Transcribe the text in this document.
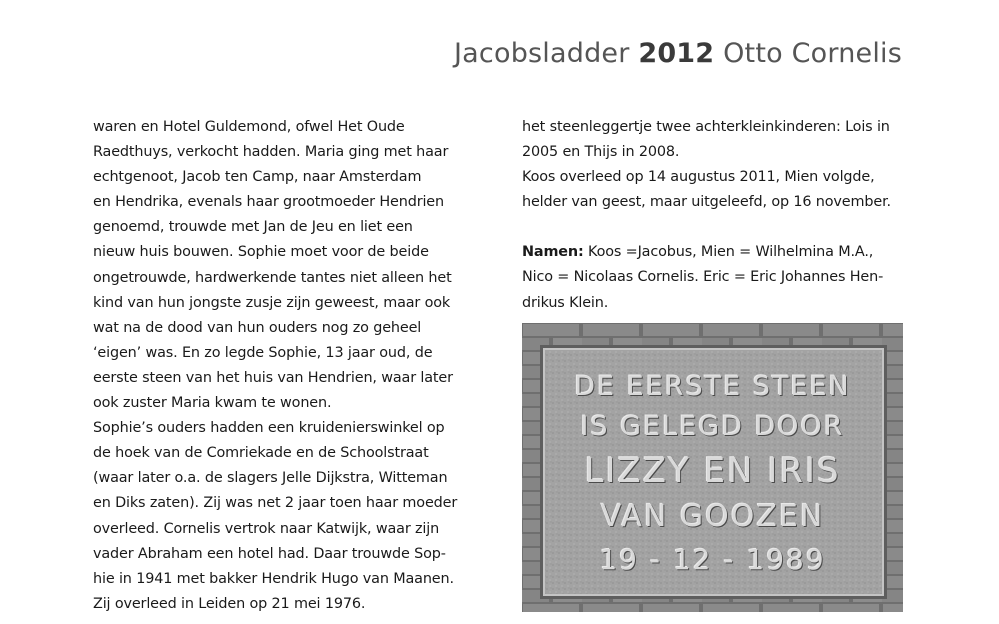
Jacobsladder 2012 Otto Cornelis
waren en Hotel Guldemond, ofwel Het Oude
Raedthuys, verkocht hadden. Maria ging met haar
echtgenoot, Jacob ten Camp, naar Amsterdam
en Hendrika, evenals haar grootmoeder Hendrien
genoemd, trouwde met Jan de Jeu en liet een
nieuw huis bouwen. Sophie moet voor de beide
ongetrouwde, hardwerkende tantes niet alleen het
kind van hun jongste zusje zijn geweest, maar ook
wat na de dood van hun ouders nog zo geheel
‘eigen’ was. En zo legde Sophie, 13 jaar oud, de
eerste steen van het huis van Hendrien, waar later
ook zuster Maria kwam te wonen.
Sophie’s ouders hadden een kruidenierswinkel op
de hoek van de Comriekade en de Schoolstraat
(waar later o.a. de slagers Jelle Dijkstra, Witteman
en Diks zaten). Zij was net 2 jaar toen haar moeder
overleed. Cornelis vertrok naar Katwijk, waar zijn
vader Abraham een hotel had. Daar trouwde Sop-
hie in 1941 met bakker Hendrik Hugo van Maanen.
Zij overleed in Leiden op 21 mei 1976.
het steenleggertje twee achterkleinkinderen: Lois in
2005 en Thijs in 2008.
Koos overleed op 14 augustus 2011, Mien volgde,
helder van geest, maar uitgeleefd, op 16 november.
Namen: Koos =Jacobus, Mien = Wilhelmina M.A.,
Nico = Nicolaas Cornelis. Eric = Eric Johannes Hen-
drikus Klein.
DE EERSTE STEEN
IS GELEGD DOOR
LIZZY EN IRIS
VAN GOOZEN
19 - 12 - 1989
